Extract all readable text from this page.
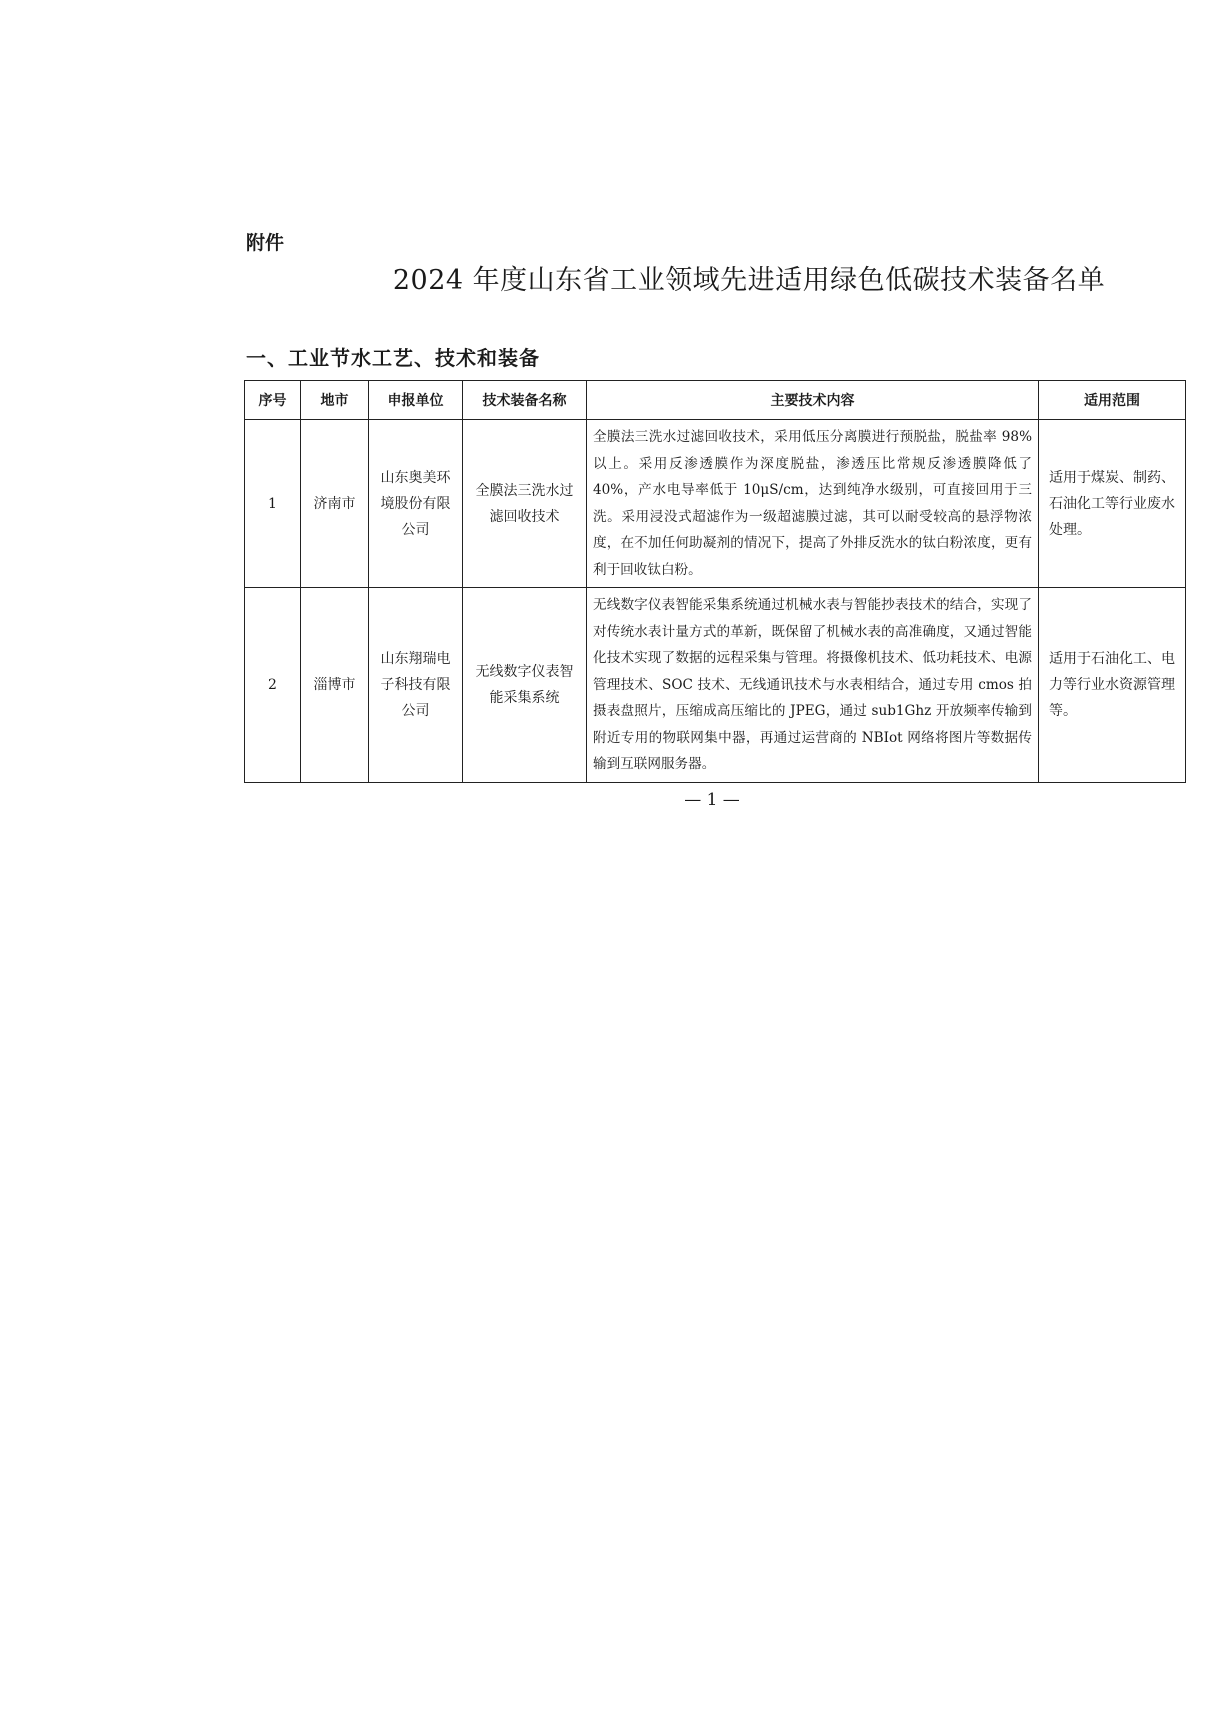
附件
2024 年度山东省工业领域先进适用绿色低碳技术装备名单
一、工业节水工艺、技术和装备
序号	地市	申报单位	技术装备名称	主要技术内容	适用范围
1	济南市	山东奥美环境股份有限公司	全膜法三洗水过滤回收技术	全膜法三洗水过滤回收技术，采用低压分离膜进行预脱盐，脱盐率 98%以上。采用反渗透膜作为深度脱盐，渗透压比常规反渗透膜降低了 40%，产水电导率低于 10μS/cm，达到纯净水级别，可直接回用于三洗。采用浸没式超滤作为一级超滤膜过滤，其可以耐受较高的悬浮物浓度，在不加任何助凝剂的情况下，提高了外排反洗水的钛白粉浓度，更有利于回收钛白粉。	适用于煤炭、制药、石油化工等行业废水处理。
2	淄博市	山东翔瑞电子科技有限公司	无线数字仪表智能采集系统	无线数字仪表智能采集系统通过机械水表与智能抄表技术的结合，实现了对传统水表计量方式的革新，既保留了机械水表的高准确度，又通过智能化技术实现了数据的远程采集与管理。将摄像机技术、低功耗技术、电源管理技术、SOC 技术、无线通讯技术与水表相结合，通过专用 cmos 拍摄表盘照片，压缩成高压缩比的 JPEG，通过 sub1Ghz 开放频率传输到附近专用的物联网集中器，再通过运营商的 NBIot 网络将图片等数据传输到互联网服务器。	适用于石油化工、电力等行业水资源管理等。
— 1 —
